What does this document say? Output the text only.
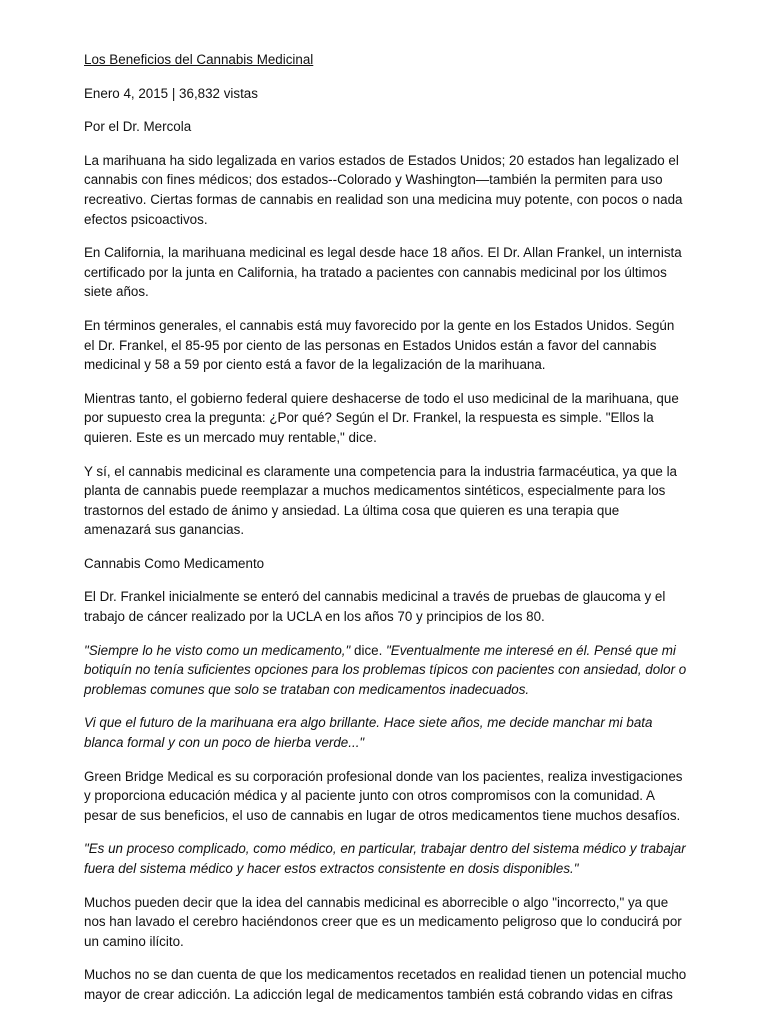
Los Beneficios del Cannabis Medicinal

Enero 4, 2015 | 36,832 vistas

Por el Dr. Mercola

La marihuana ha sido legalizada en varios estados de Estados Unidos; 20 estados han legalizado el cannabis con fines médicos; dos estados--Colorado y Washington—también la permiten para uso recreativo. Ciertas formas de cannabis en realidad son una medicina muy potente, con pocos o nada efectos psicoactivos.

En California, la marihuana medicinal es legal desde hace 18 años. El Dr. Allan Frankel, un internista certificado por la junta en California, ha tratado a pacientes con cannabis medicinal por los últimos siete años.

En términos generales, el cannabis está muy favorecido por la gente en los Estados Unidos. Según el Dr. Frankel, el 85-95 por ciento de las personas en Estados Unidos están a favor del cannabis medicinal y 58 a 59 por ciento está a favor de la legalización de la marihuana.

Mientras tanto, el gobierno federal quiere deshacerse de todo el uso medicinal de la marihuana, que por supuesto crea la pregunta: ¿Por qué? Según el Dr. Frankel, la respuesta es simple. "Ellos la quieren. Este es un mercado muy rentable," dice.

Y sí, el cannabis medicinal es claramente una competencia para la industria farmacéutica, ya que la planta de cannabis puede reemplazar a muchos medicamentos sintéticos, especialmente para los trastornos del estado de ánimo y ansiedad. La última cosa que quieren es una terapia que amenazará sus ganancias.

Cannabis Como Medicamento

El Dr. Frankel inicialmente se enteró del cannabis medicinal a través de pruebas de glaucoma y el trabajo de cáncer realizado por la UCLA en los años 70 y principios de los 80.

"Siempre lo he visto como un medicamento," dice. "Eventualmente me interesé en él. Pensé que mi botiquín no tenía suficientes opciones para los problemas típicos con pacientes con ansiedad, dolor o problemas comunes que solo se trataban con medicamentos inadecuados.

Vi que el futuro de la marihuana era algo brillante. Hace siete años, me decide manchar mi bata blanca formal y con un poco de hierba verde..."

Green Bridge Medical es su corporación profesional donde van los pacientes, realiza investigaciones y proporciona educación médica y al paciente junto con otros compromisos con la comunidad. A pesar de sus beneficios, el uso de cannabis en lugar de otros medicamentos tiene muchos desafíos.

"Es un proceso complicado, como médico, en particular, trabajar dentro del sistema médico y trabajar fuera del sistema médico y hacer estos extractos consistente en dosis disponibles."

Muchos pueden decir que la idea del cannabis medicinal es aborrecible o algo "incorrecto," ya que nos han lavado el cerebro haciéndonos creer que es un medicamento peligroso que lo conducirá por un camino ilícito.

Muchos no se dan cuenta de que los medicamentos recetados en realidad tienen un potencial mucho mayor de crear adicción. La adicción legal de medicamentos también está cobrando vidas en cifras
